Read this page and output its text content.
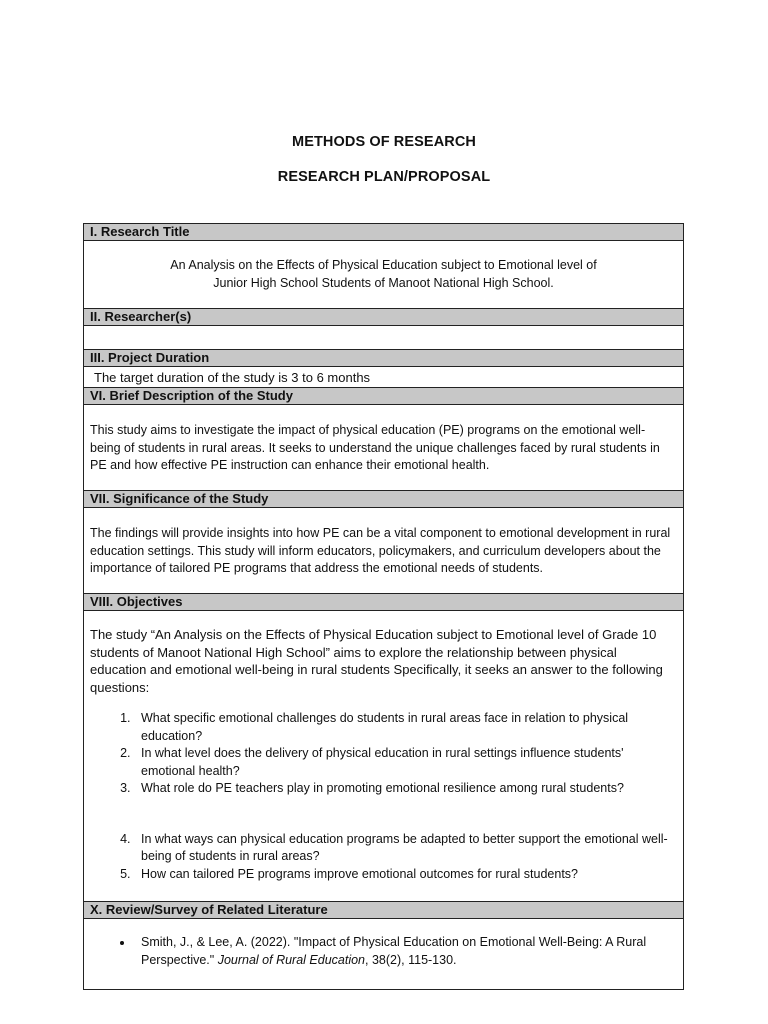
METHODS OF RESEARCH
RESEARCH PLAN/PROPOSAL
I. Research Title
An Analysis on the Effects of Physical Education subject to Emotional level of
Junior High School Students of Manoot National High School.
II. Researcher(s)
III. Project Duration
The target duration of the study is 3 to 6 months
VI. Brief Description of the Study
This study aims to investigate the impact of physical education (PE) programs on the emotional well-being of students in rural areas. It seeks to understand the unique challenges faced by rural students in PE and how effective PE instruction can enhance their emotional health.
VII. Significance of the Study
The findings will provide insights into how PE can be a vital component to emotional development in rural education settings. This study will inform educators, policymakers, and curriculum developers about the importance of tailored PE programs that address the emotional needs of students.
VIII. Objectives
The study “An Analysis on the Effects of Physical Education subject to Emotional level of Grade 10 students of Manoot National High School” aims to explore the relationship between physical education and emotional well-being in rural students Specifically, it seeks an answer to the following questions:
1. What specific emotional challenges do students in rural areas face in relation to physical education?
2. In what level does the delivery of physical education in rural settings influence students' emotional health?
3. What role do PE teachers play in promoting emotional resilience among rural students?
4. In what ways can physical education programs be adapted to better support the emotional well-being of students in rural areas?
5. How can tailored PE programs improve emotional outcomes for rural students?
X. Review/Survey of Related Literature
• Smith, J., & Lee, A. (2022). "Impact of Physical Education on Emotional Well-Being: A Rural Perspective." Journal of Rural Education, 38(2), 115-130.
